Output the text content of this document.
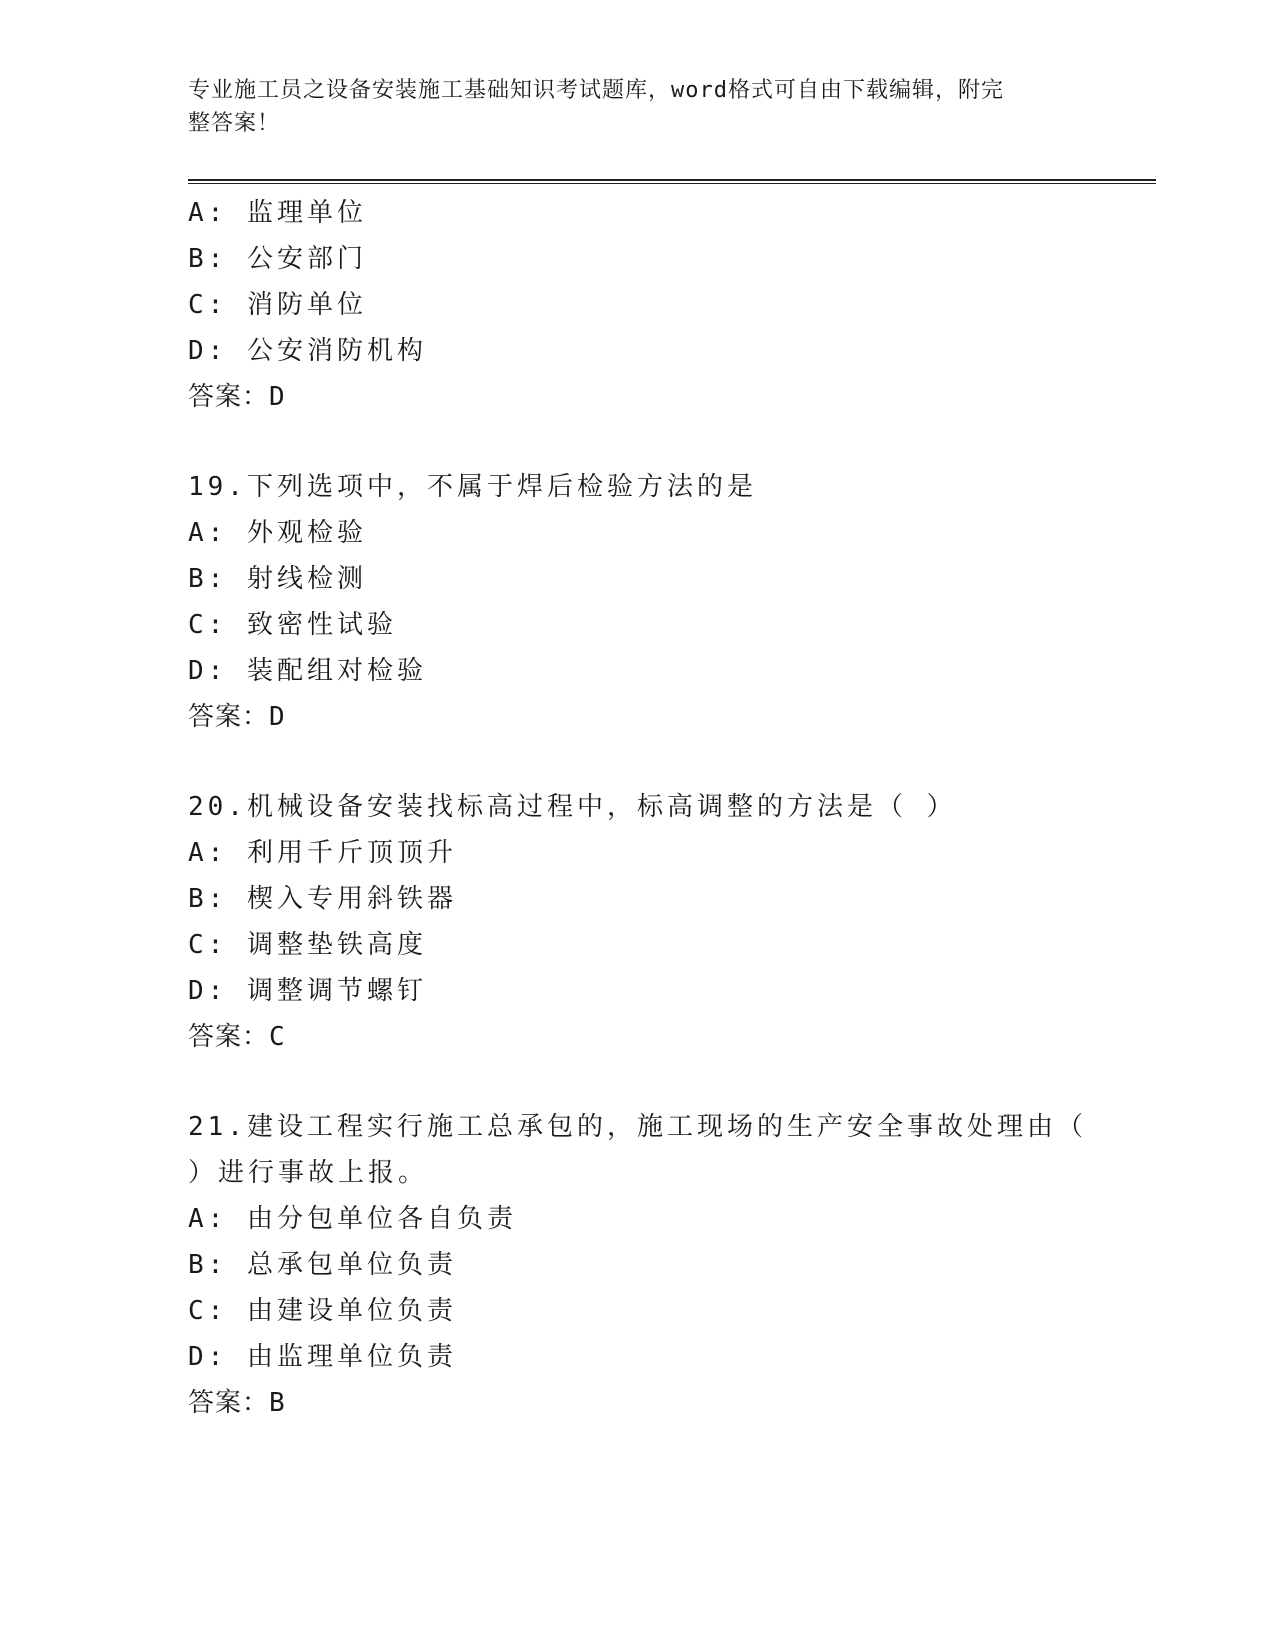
专业施工员之设备安装施工基础知识考试题库，word格式可自由下载编辑，附完
整答案！
A: 监理单位
B: 公安部门
C: 消防单位
D: 公安消防机构
答案：D
19.下列选项中，不属于焊后检验方法的是
A: 外观检验
B: 射线检测
C: 致密性试验
D: 装配组对检验
答案：D
20.机械设备安装找标高过程中，标高调整的方法是（ ）
A: 利用千斤顶顶升
B: 楔入专用斜铁器
C: 调整垫铁高度
D: 调整调节螺钉
答案：C
21.建设工程实行施工总承包的，施工现场的生产安全事故处理由（
）进行事故上报。
A: 由分包单位各自负责
B: 总承包单位负责
C: 由建设单位负责
D: 由监理单位负责
答案：B
